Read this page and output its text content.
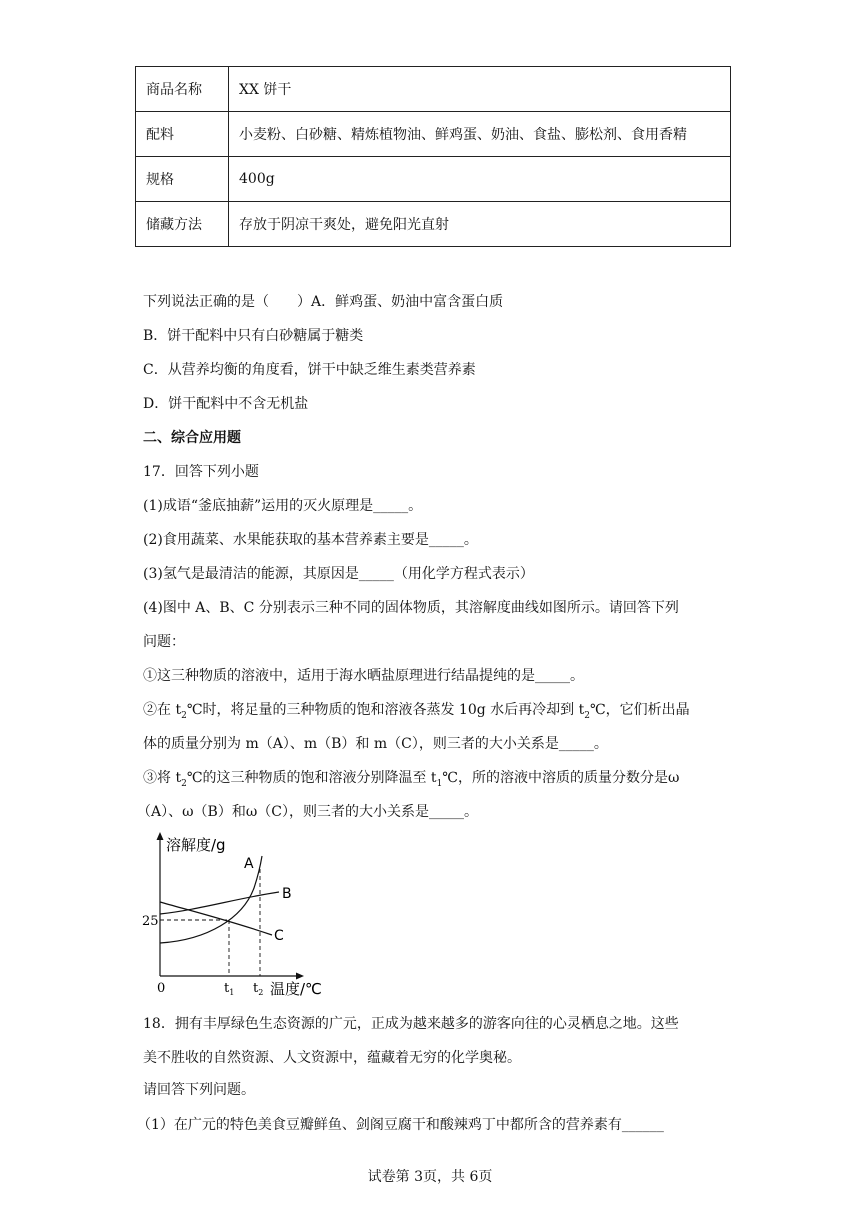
商品名称	XX 饼干
配料	小麦粉、白砂糖、精炼植物油、鲜鸡蛋、奶油、食盐、膨松剂、食用香精
规格	400g
储藏方法	存放于阴凉干爽处，避免阳光直射
下列说法正确的是（　　）A．鲜鸡蛋、奶油中富含蛋白质
B．饼干配料中只有白砂糖属于糖类
C．从营养均衡的角度看，饼干中缺乏维生素类营养素
D．饼干配料中不含无机盐
二、综合应用题
17．回答下列小题
(1)成语“釜底抽薪”运用的灭火原理是_____。
(2)食用蔬菜、水果能获取的基本营养素主要是_____。
(3)氢气是最清洁的能源，其原因是_____（用化学方程式表示）
(4)图中 A、B、C 分别表示三种不同的固体物质，其溶解度曲线如图所示。请回答下列
问题：
①这三种物质的溶液中，适用于海水晒盐原理进行结晶提纯的是_____。
②在 $t_2℃$时，将足量的三种物质的饱和溶液各蒸发 10g 水后再冷却到 $t_2℃$，它们析出晶
体的质量分别为 m（A）、m（B）和 m（C），则三者的大小关系是_____。
③将 $t_2℃$的这三种物质的饱和溶液分别降温至 $t_1℃$，所的溶液中溶质的质量分数分是ω
（A）、ω（B）和ω（C），则三者的大小关系是_____。
溶解度/g
温度/℃
0
25
$t_1$ $t_2$
A
B
C
18．拥有丰厚绿色生态资源的广元，正成为越来越多的游客向往的心灵栖息之地。这些
美不胜收的自然资源、人文资源中，蕴藏着无穷的化学奥秘。
请回答下列问题。
（1）在广元的特色美食豆瓣鲜鱼、剑阁豆腐干和酸辣鸡丁中都所含的营养素有______
试卷第 3页，共 6页
